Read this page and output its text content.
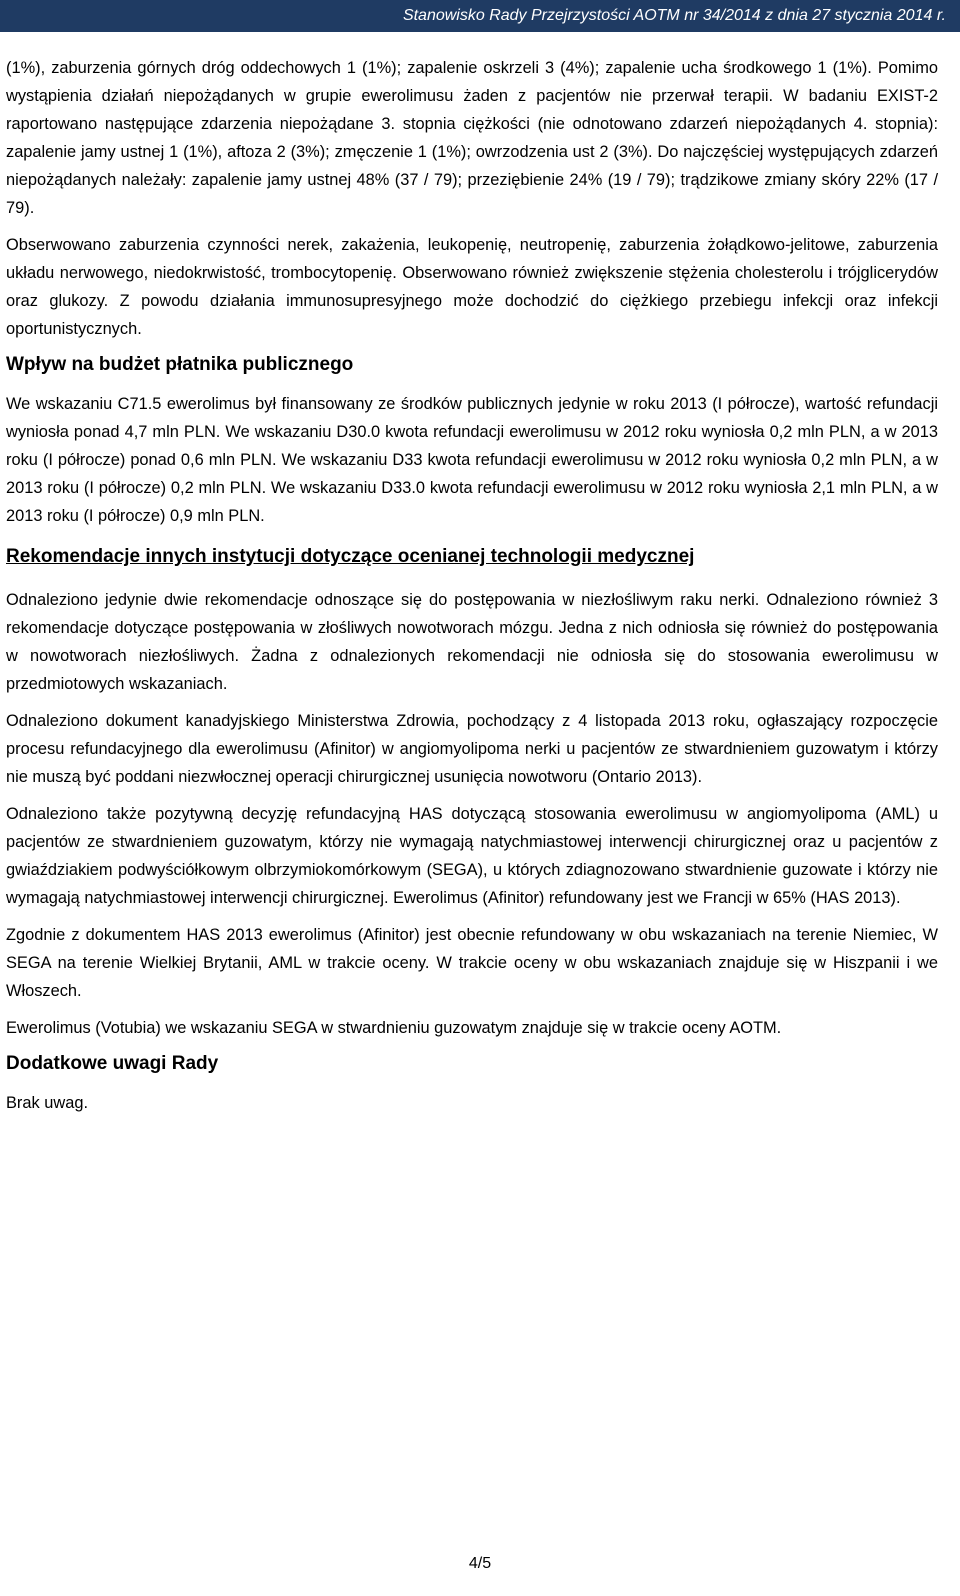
Stanowisko Rady Przejrzystości AOTM nr 34/2014 z dnia 27 stycznia 2014 r.

(1%), zaburzenia górnych dróg oddechowych 1 (1%); zapalenie oskrzeli 3 (4%); zapalenie ucha środkowego 1 (1%). Pomimo wystąpienia działań niepożądanych w grupie ewerolimusu żaden z pacjentów nie przerwał terapii. W badaniu EXIST-2 raportowano następujące zdarzenia niepożądane 3. stopnia ciężkości (nie odnotowano zdarzeń niepożądanych 4. stopnia): zapalenie jamy ustnej 1 (1%), aftoza 2 (3%); zmęczenie 1 (1%); owrzodzenia ust 2 (3%). Do najczęściej występujących zdarzeń niepożądanych należały: zapalenie jamy ustnej 48% (37 / 79); przeziębienie 24% (19 / 79); trądzikowe zmiany skóry 22% (17 / 79).

Obserwowano zaburzenia czynności nerek, zakażenia, leukopenię, neutropenię, zaburzenia żołądkowo-jelitowe, zaburzenia układu nerwowego, niedokrwistość, trombocytopenię. Obserwowano również zwiększenie stężenia cholesterolu i trójglicerydów oraz glukozy. Z powodu działania immunosupresyjnego może dochodzić do ciężkiego przebiegu infekcji oraz infekcji oportunistycznych.

Wpływ na budżet płatnika publicznego

We wskazaniu C71.5 ewerolimus był finansowany ze środków publicznych jedynie w roku 2013 (I półrocze), wartość refundacji wyniosła ponad 4,7 mln PLN. We wskazaniu D30.0 kwota refundacji ewerolimusu w 2012 roku wyniosła 0,2 mln PLN, a w 2013 roku (I półrocze) ponad 0,6 mln PLN. We wskazaniu D33 kwota refundacji ewerolimusu w 2012 roku wyniosła 0,2 mln PLN, a w 2013 roku (I półrocze) 0,2 mln PLN. We wskazaniu D33.0 kwota refundacji ewerolimusu w 2012 roku wyniosła 2,1 mln PLN, a w 2013 roku (I półrocze) 0,9 mln PLN.

Rekomendacje innych instytucji dotyczące ocenianej technologii medycznej

Odnaleziono jedynie dwie rekomendacje odnoszące się do postępowania w niezłośliwym raku nerki. Odnaleziono również 3 rekomendacje dotyczące postępowania w złośliwych nowotworach mózgu. Jedna z nich odniosła się również do postępowania w nowotworach niezłośliwych. Żadna z odnalezionych rekomendacji nie odniosła się do stosowania ewerolimusu w przedmiotowych wskazaniach.

Odnaleziono dokument kanadyjskiego Ministerstwa Zdrowia, pochodzący z 4 listopada 2013 roku, ogłaszający rozpoczęcie procesu refundacyjnego dla ewerolimusu (Afinitor) w angiomyolipoma nerki u pacjentów ze stwardnieniem guzowatym i którzy nie muszą być poddani niezwłocznej operacji chirurgicznej usunięcia nowotworu (Ontario 2013).

Odnaleziono także pozytywną decyzję refundacyjną HAS dotyczącą stosowania ewerolimusu w angiomyolipoma (AML) u pacjentów ze stwardnieniem guzowatym, którzy nie wymagają natychmiastowej interwencji chirurgicznej oraz u pacjentów z gwiaździakiem podwyściółkowym olbrzymiokomórkowym (SEGA), u których zdiagnozowano stwardnienie guzowate i którzy nie wymagają natychmiastowej interwencji chirurgicznej. Ewerolimus (Afinitor) refundowany jest we Francji w 65% (HAS 2013).

Zgodnie z dokumentem HAS 2013 ewerolimus (Afinitor) jest obecnie refundowany w obu wskazaniach na terenie Niemiec, W SEGA na terenie Wielkiej Brytanii, AML w trakcie oceny. W trakcie oceny w obu wskazaniach znajduje się w Hiszpanii i we Włoszech.

Ewerolimus (Votubia) we wskazaniu SEGA w stwardnieniu guzowatym znajduje się w trakcie oceny AOTM.

Dodatkowe uwagi Rady

Brak uwag.

4/5
